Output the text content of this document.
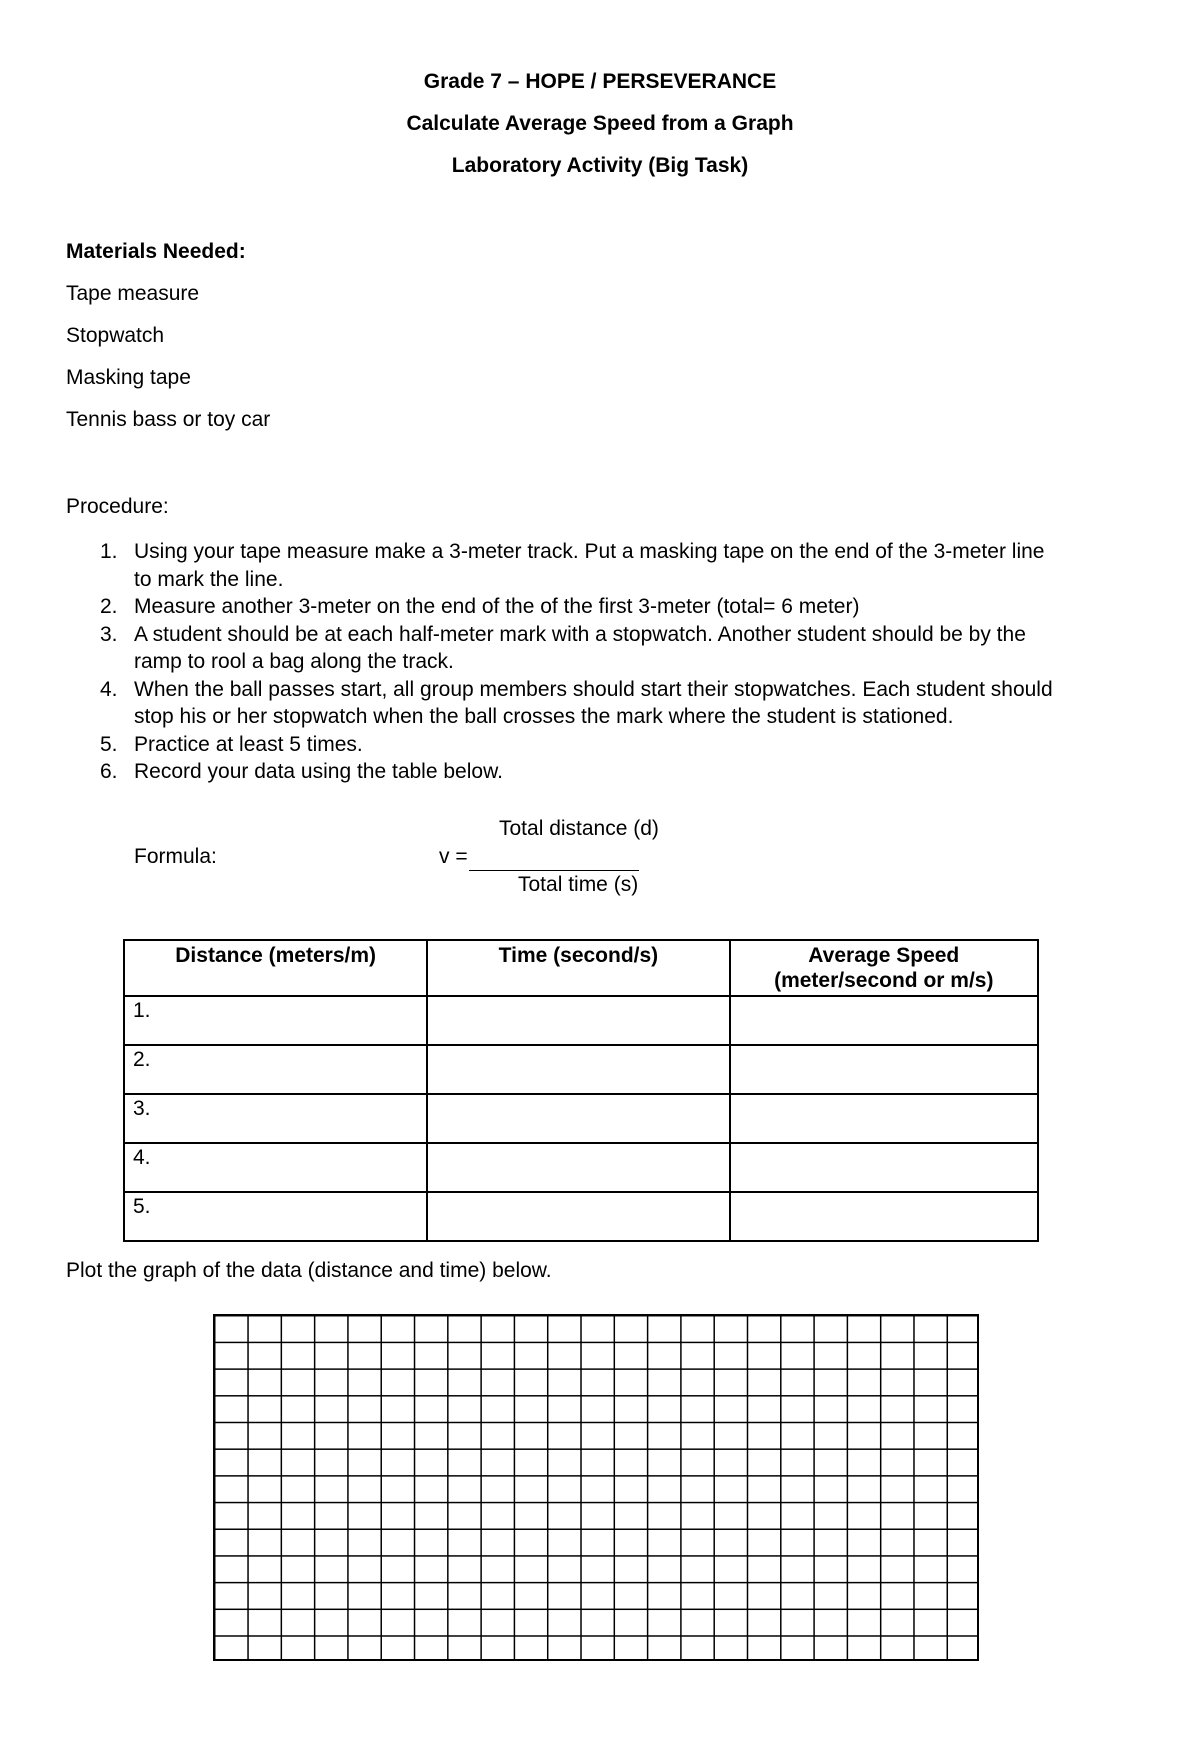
Grade 7 – HOPE / PERSEVERANCE
Calculate Average Speed from a Graph
Laboratory Activity (Big Task)
Materials Needed:
Tape measure
Stopwatch
Masking tape
Tennis bass or toy car
Procedure:
1. Using your tape measure make a 3-meter track. Put a masking tape on the end of the 3-meter line
to mark the line.
2. Measure another 3-meter on the end of the of the first 3-meter (total= 6 meter)
3. A student should be at each half-meter mark with a stopwatch. Another student should be by the
ramp to rool a bag along the track.
4. When the ball passes start, all group members should start their stopwatches. Each student should
stop his or her stopwatch when the ball crosses the mark where the student is stationed.
5. Practice at least 5 times.
6. Record your data using the table below.
Total distance (d)
Formula:	v =
Total time (s)
Distance (meters/m)	Time (second/s)	Average Speed
(meter/second or m/s)

1.		
2.		
3.		
4.		
5.		
Plot the graph of the data (distance and time) below.
